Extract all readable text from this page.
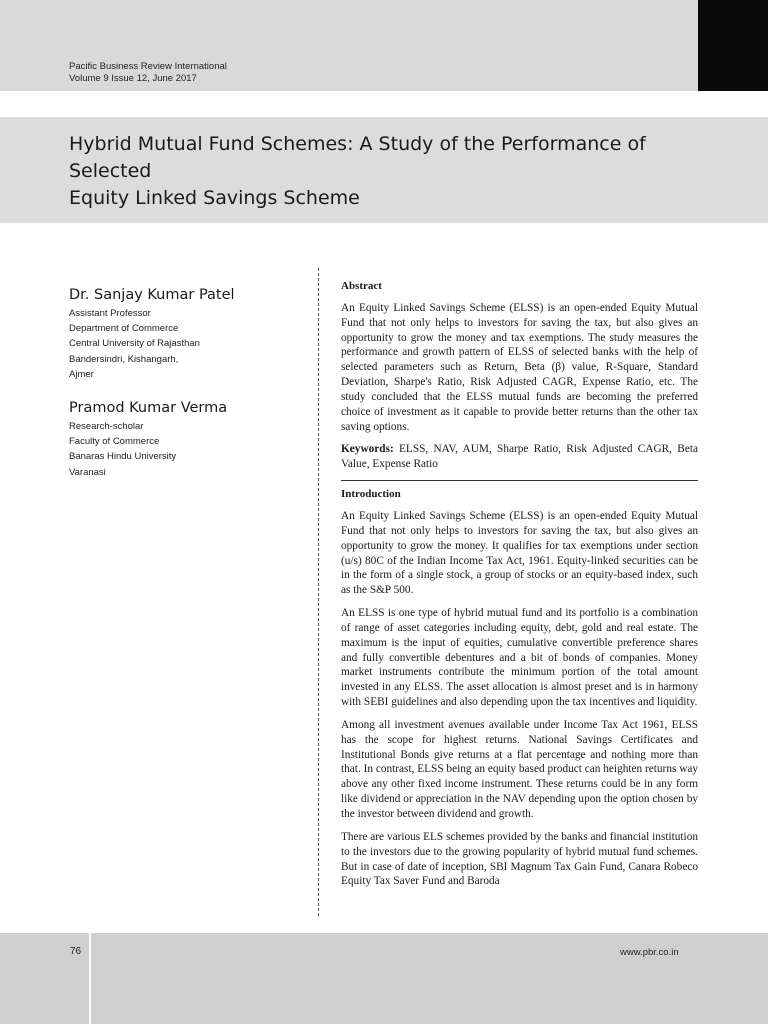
Pacific Business Review International
Volume 9 Issue 12, June 2017
Hybrid Mutual Fund Schemes: A Study of the Performance of Selected
Equity Linked Savings Scheme

Dr. Sanjay Kumar Patel

Assistant Professor

Department of Commerce

Central University of Rajasthan

Bandersindri, Kishangarh,

Ajmer

Pramod Kumar Verma

Research-scholar

Faculty of Commerce

Banaras Hindu University

Varanasi

Abstract

An Equity Linked Savings Scheme (ELSS) is an open-ended Equity Mutual Fund that not only helps to investors for saving the tax, but also gives an opportunity to grow the money and tax exemptions. The study measures the performance and growth pattern of ELSS of selected banks with the help of selected parameters such as Return, Beta (β) value, R-Square, Standard Deviation, Sharpe's Ratio, Risk Adjusted CAGR, Expense Ratio, etc. The study concluded that the ELSS mutual funds are becoming the preferred choice of investment as it capable to provide better returns than the other tax saving options.

Keywords: ELSS, NAV, AUM, Sharpe Ratio, Risk Adjusted CAGR, Beta Value, Expense Ratio

Introduction

An Equity Linked Savings Scheme (ELSS) is an open-ended Equity Mutual Fund that not only helps to investors for saving the tax, but also gives an opportunity to grow the money. It qualifies for tax exemptions under section (u/s) 80C of the Indian Income Tax Act, 1961. Equity-linked securities can be in the form of a single stock, a group of stocks or an equity-based index, such as the S&P 500.

An ELSS is one type of hybrid mutual fund and its portfolio is a combination of range of asset categories including equity, debt, gold and real estate. The maximum is the input of equities, cumulative convertible preference shares and fully convertible debentures and a bit of bonds of companies. Money market instruments contribute the minimum portion of the total amount invested in any ELSS. The asset allocation is almost preset and is in harmony with SEBI guidelines and also depending upon the tax incentives and liquidity.

Among all investment avenues available under Income Tax Act 1961, ELSS has the scope for highest returns. National Savings Certificates and Institutional Bonds give returns at a flat percentage and nothing more than that. In contrast, ELSS being an equity based product can heighten returns way above any other fixed income instrument. These returns could be in any form like dividend or appreciation in the NAV depending upon the option chosen by the investor between dividend and growth.

There are various ELS schemes provided by the banks and financial institution to the investors due to the growing popularity of hybrid mutual fund schemes. But in case of date of inception, SBI Magnum Tax Gain Fund, Canara Robeco Equity Tax Saver Fund and Baroda

76	www.pbr.co.in
